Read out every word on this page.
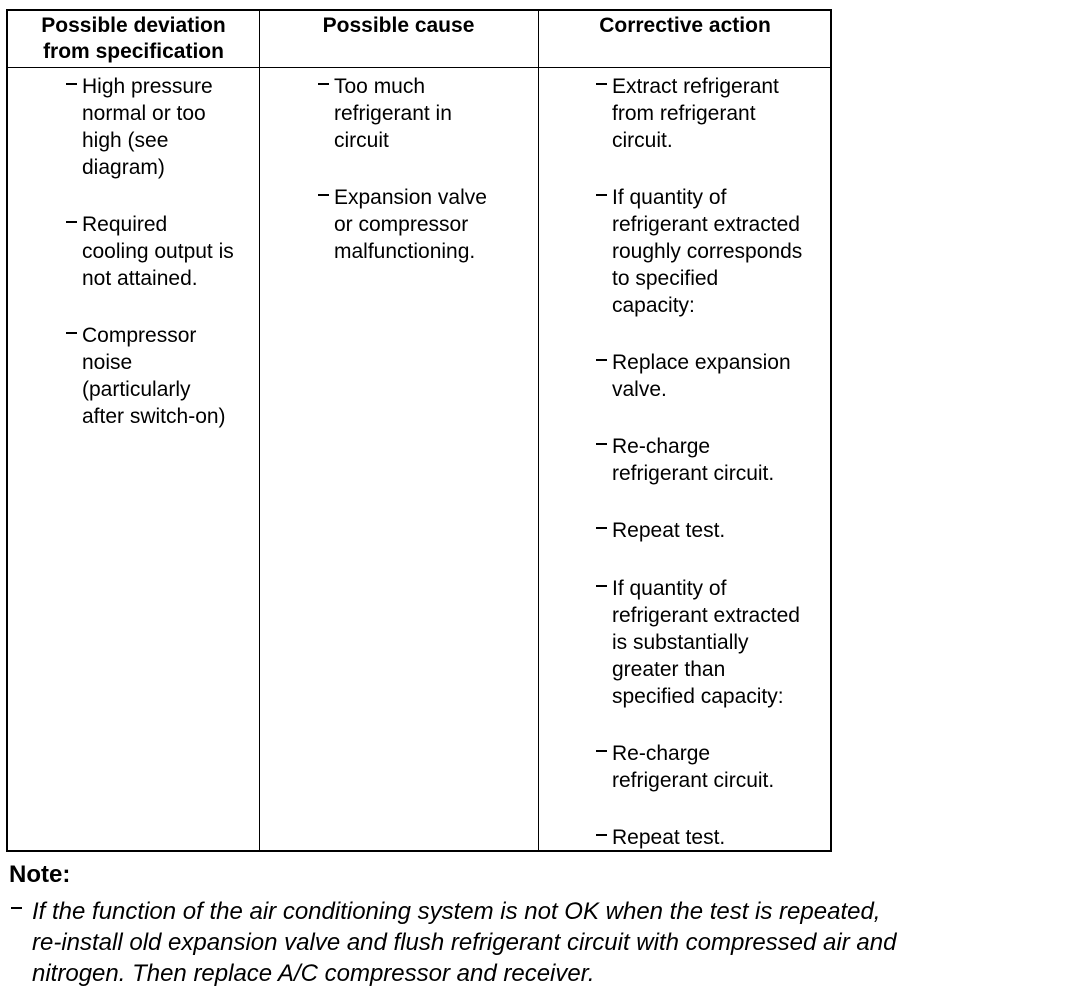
Possible deviation
from specification
Possible cause	Corrective action
High pressure
normal or too
high (see
diagram)
Required
cooling output is
not attained.
Compressor
noise
(particularly
after switch-on)
Too much
refrigerant in
circuit
Expansion valve
or compressor
malfunctioning.
Extract refrigerant
from refrigerant
circuit.
If quantity of
refrigerant extracted
roughly corresponds
to specified
capacity:
Replace expansion
valve.
Re-charge
refrigerant circuit.
Repeat test.
If quantity of
refrigerant extracted
is substantially
greater than
specified capacity:
Re-charge
refrigerant circuit.
Repeat test.
Note:
If the function of the air conditioning system is not OK when the test is repeated,
re-install old expansion valve and flush refrigerant circuit with compressed air and
nitrogen. Then replace A/C compressor and receiver.
